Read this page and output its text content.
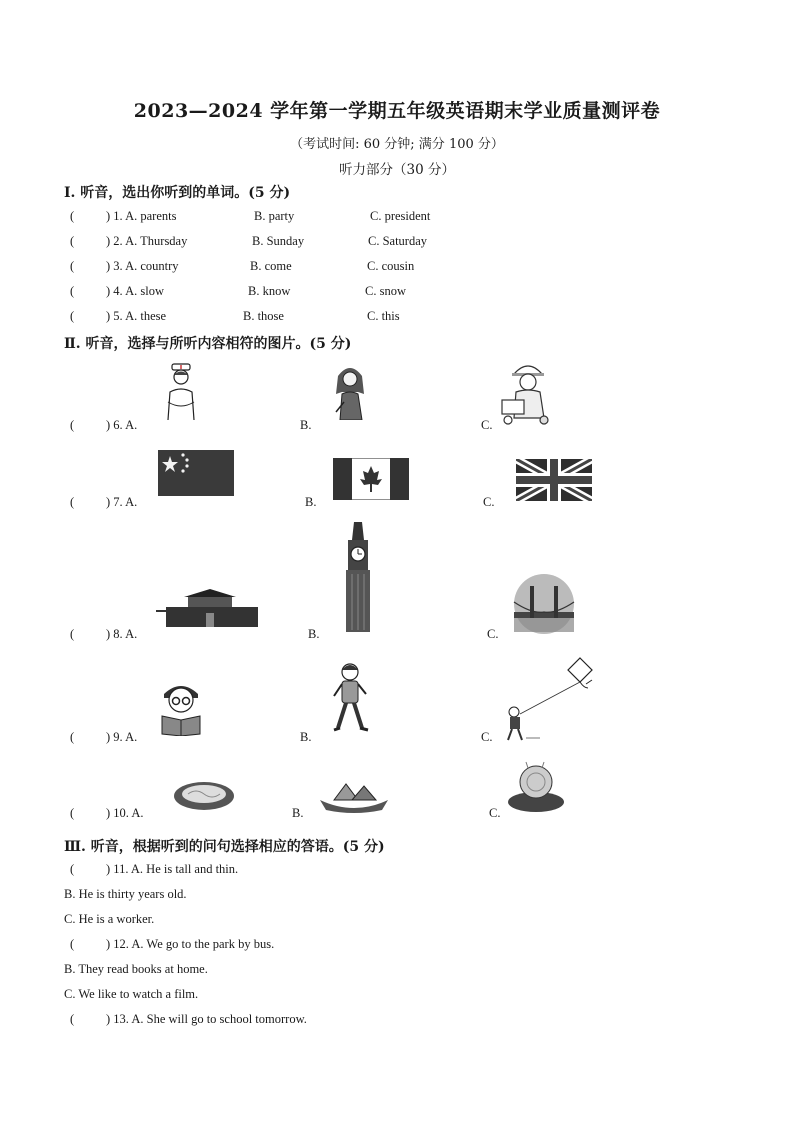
2023—2024 学年第一学期五年级英语期末学业质量测评卷
（考试时间: 60 分钟; 满分 100 分）
听力部分（30 分）
Ⅰ. 听音，选出你听到的单词。(5 分)
(	) 1. A. parents	B. party	C. president
(	) 2. A. Thursday	B. Sunday	C. Saturday
(	) 3. A. country	B. come	C. cousin
(	) 4. A. slow	B. know	C. snow
(	) 5. A. these	B. those	C. this
Ⅱ. 听音，选择与所听内容相符的图片。(5 分)
(	) 6. A.	B.	C.
(	) 7. A.	B.	C.
(	) 8. A.	B.	C.
(	) 9. A.	B.	C.
(	) 10. A.	B.	C.
Ⅲ. 听音，根据听到的问句选择相应的答语。(5 分)
(	) 11. A. He is tall and thin.
B. He is thirty years old.
C. He is a worker.
(	) 12. A. We go to the park by bus.
B. They read books at home.
C. We like to watch a film.
(	) 13. A. She will go to school tomorrow.
